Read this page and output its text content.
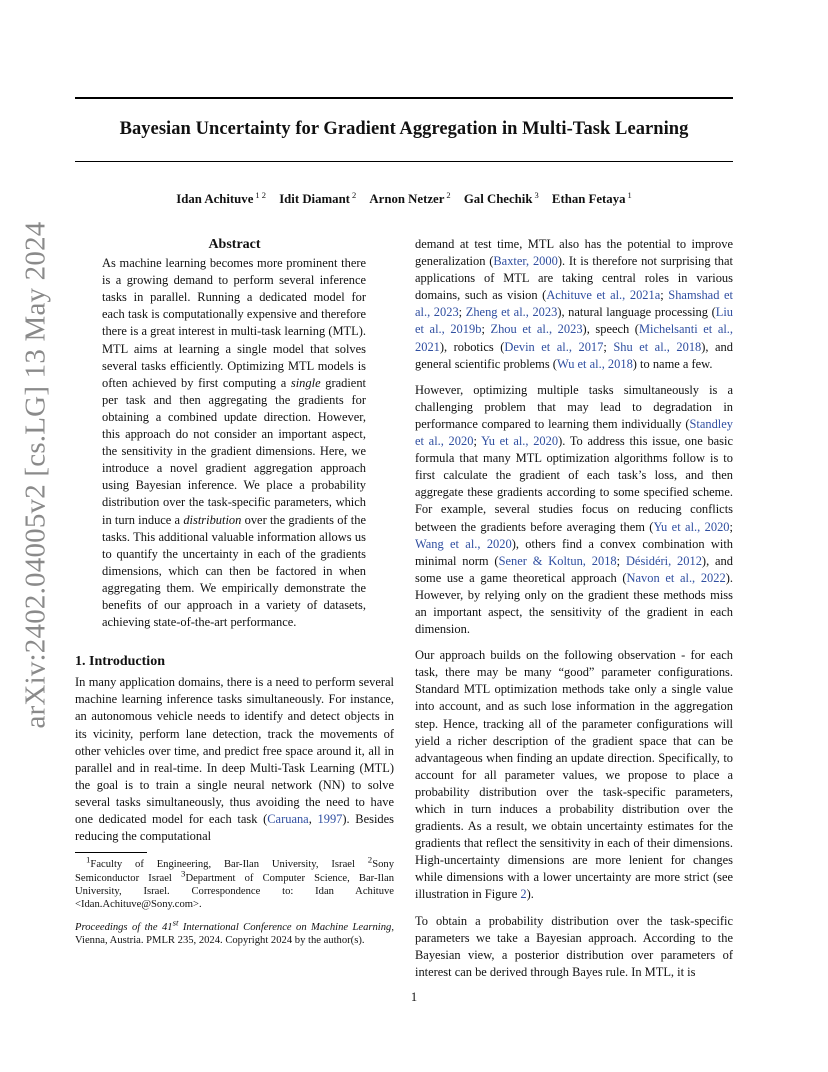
Bayesian Uncertainty for Gradient Aggregation in Multi-Task Learning
Idan Achituve $^{1 2}$ Idit Diamant $^2$ Arnon Netzer $^2$ Gal Chechik $^3$ Ethan Fetaya $^1$
arXiv:2402.04005v2 [cs.LG] 13 May 2024	Abstract

As machine learning becomes more prominent there is a growing demand to perform several inference tasks in parallel. Running a dedicated model for each task is computationally expensive and therefore there is a great interest in multi-task learning (MTL). MTL aims at learning a single model that solves several tasks efficiently. Optimizing MTL models is often achieved by first computing a single gradient per task and then aggregating the gradients for obtaining a combined update direction. However, this approach do not consider an important aspect, the sensitivity in the gradient dimensions. Here, we introduce a novel gradient aggregation approach using Bayesian inference. We place a probability distribution over the task-specific parameters, which in turn induce a distribution over the gradients of the tasks. This additional valuable information allows us to quantify the uncertainty in each of the gradients dimensions, which can then be factored in when aggregating them. We empirically demonstrate the benefits of our approach in a variety of datasets, achieving state-of-the-art performance.

1. Introduction

In many application domains, there is a need to perform several machine learning inference tasks simultaneously. For instance, an autonomous vehicle needs to identify and detect objects in its vicinity, perform lane detection, track the movements of other vehicles over time, and predict free space around it, all in parallel and in real-time. In deep Multi-Task Learning (MTL) the goal is to train a single neural network (NN) to solve several tasks simultaneously, thus avoiding the need to have one dedicated model for each task (Caruana, 1997). Besides reducing the computational

$^1$Faculty of Engineering, Bar-Ilan University, Israel $^2$Sony Semiconductor Israel $^3$Department of Computer Science, Bar-Ilan University, Israel. Correspondence to: Idan Achituve <Idan.Achituve@Sony.com>.

Proceedings of the 41st International Conference on Machine Learning, Vienna, Austria. PMLR 235, 2024. Copyright 2024 by the author(s).

demand at test time, MTL also has the potential to improve generalization (Baxter, 2000). It is therefore not surprising that applications of MTL are taking central roles in various domains, such as vision (Achituve et al., 2021a; Shamshad et al., 2023; Zheng et al., 2023), natural language processing (Liu et al., 2019b; Zhou et al., 2023), speech (Michelsanti et al., 2021), robotics (Devin et al., 2017; Shu et al., 2018), and general scientific problems (Wu et al., 2018) to name a few.

However, optimizing multiple tasks simultaneously is a challenging problem that may lead to degradation in performance compared to learning them individually (Standley et al., 2020; Yu et al., 2020). To address this issue, one basic formula that many MTL optimization algorithms follow is to first calculate the gradient of each task’s loss, and then aggregate these gradients according to some specified scheme. For example, several studies focus on reducing conflicts between the gradients before averaging them (Yu et al., 2020; Wang et al., 2020), others find a convex combination with minimal norm (Sener & Koltun, 2018; Désidéri, 2012), and some use a game theoretical approach (Navon et al., 2022). However, by relying only on the gradient these methods miss an important aspect, the sensitivity of the gradient in each dimension.

Our approach builds on the following observation - for each task, there may be many “good” parameter configurations. Standard MTL optimization methods take only a single value into account, and as such lose information in the aggregation step. Hence, tracking all of the parameter configurations will yield a richer description of the gradient space that can be advantageous when finding an update direction. Specifically, to account for all parameter values, we propose to place a probability distribution over the task-specific parameters, which in turn induces a probability distribution over the gradients. As a result, we obtain uncertainty estimates for the gradients that reflect the sensitivity in each of their dimensions. High-uncertainty dimensions are more lenient for changes while dimensions with a lower uncertainty are more strict (see illustration in Figure 2).

To obtain a probability distribution over the task-specific parameters we take a Bayesian approach. According to the Bayesian view, a posterior distribution over parameters of interest can be derived through Bayes rule. In MTL, it is

1
